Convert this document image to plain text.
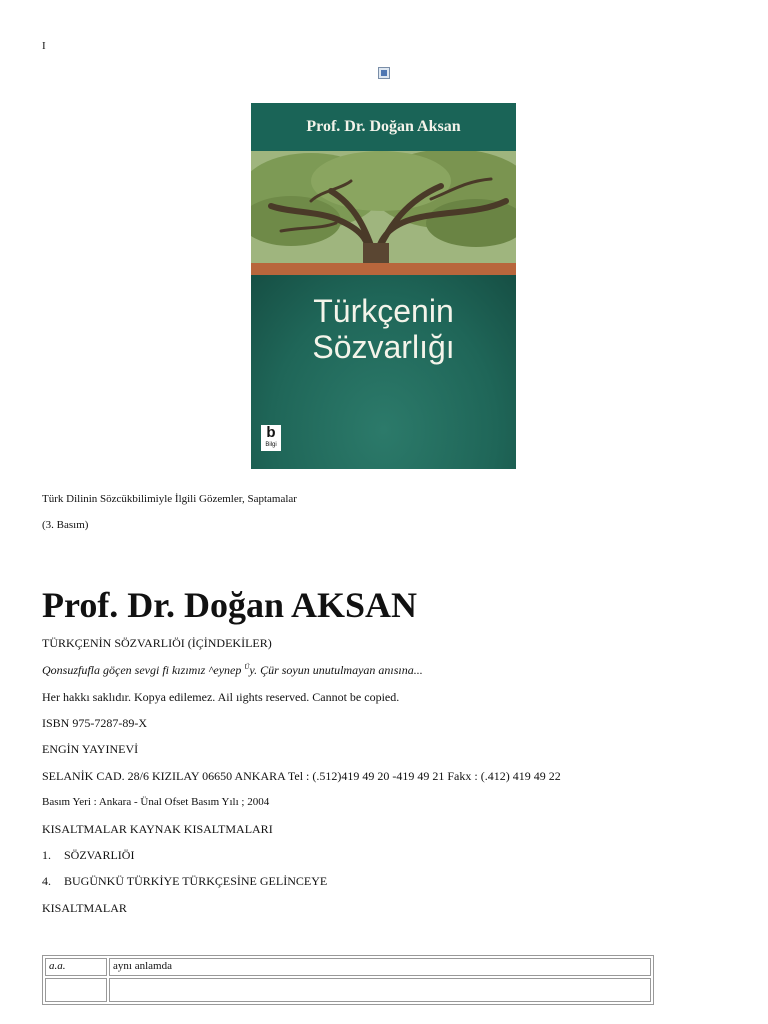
I
Prof. Dr. Doğan Aksan
Türkçenin
Sözvarlığı
b
Bilgi
Türk Dilinin Sözcükbilimiyle İlgili Gözemler, Saptamalar
(3. Basım)
Prof. Dr. Doğan AKSAN
TÜRKÇENİN SÖZVARLIÖI (İÇİNDEKİLER)
Qonsuzfufla göçen sevgi fi kızımız ^eynep $^Ü$y. Çür soyun unutulmayan anısına...
Her hakkı saklıdır. Kopya edilemez. Ail ıights reserved. Cannot be copied.
ISBN 975-7287-89-X
ENGİN YAYINEVİ
SELANİK CAD. 28/6 KIZILAY 06650 ANKARA Tel : (.512)419 49 20 -419 49 21 Fakx : (.412) 419 49 22
Basım Yeri : Ankara - Ünal Ofset Basım Yılı ; 2004
KISALTMALAR KAYNAK KISALTMALARI
1. SÖZVARLIÖI
4. BUGÜNKÜ TÜRKİYE TÜRKÇESİNE GELİNCEYE
KISALTMALAR
a.a.	aynı anlamda
